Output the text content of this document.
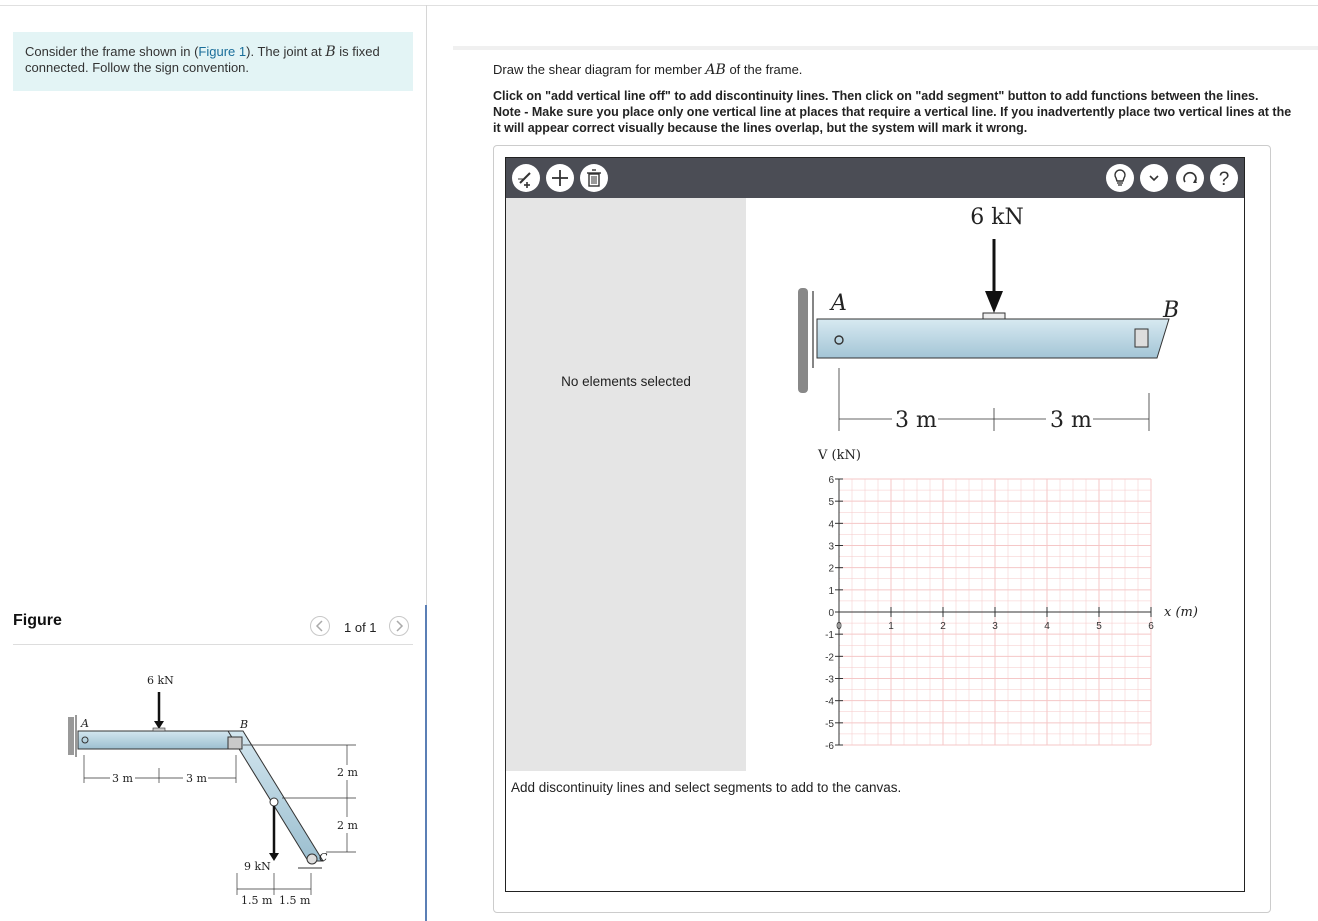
Consider the frame shown in (Figure 1). The joint at B is fixed connected. Follow the sign convention.
Figure	1 of 1
6 kN
A	B
C
3 m	3 m	2 m
2 m
9 kN
1.5 m 1.5 m
Draw the shear diagram for member AB of the frame.
Click on "add vertical line off" to add discontinuity lines. Then click on "add segment" button to add functions between the lines.
Note - Make sure you place only one vertical line at places that require a vertical line. If you inadvertently place two vertical lines at the
it will appear correct visually because the lines overlap, but the system will mark it wrong.
?
No elements selected
6 kN
A	B
3 m	3 m
6
5
4
3
2
1
0
-1
-2
-3
-4
-5
-6
0	1	2	3	4	5	6
V (kN)
x (m)
Add discontinuity lines and select segments to add to the canvas.
